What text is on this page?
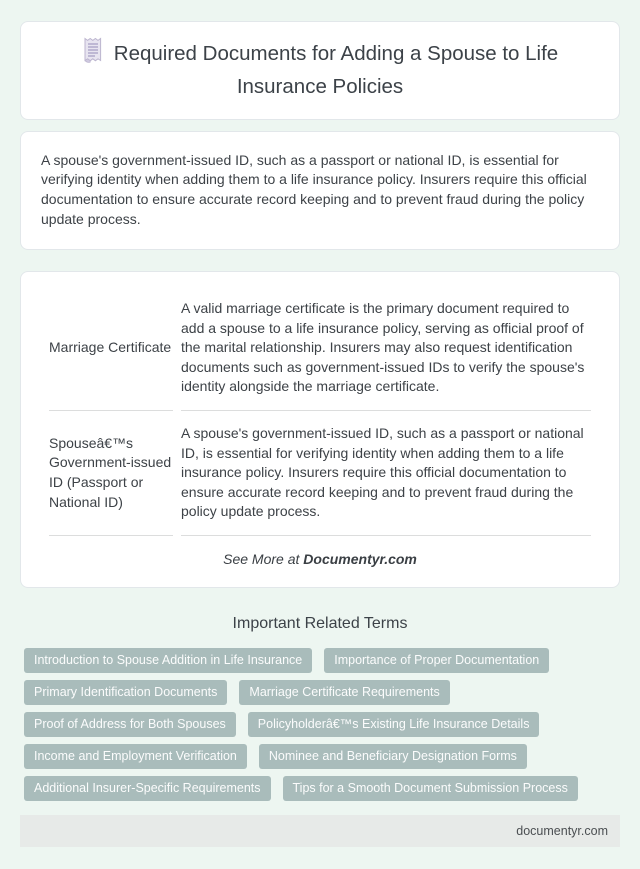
Required Documents for Adding a Spouse to Life Insurance Policies

A spouse's government-issued ID, such as a passport or national ID, is essential for verifying identity when adding them to a life insurance policy. Insurers require this official documentation to ensure accurate record keeping and to prevent fraud during the policy update process.

Marriage Certificate	A valid marriage certificate is the primary document required to add a spouse to a life insurance policy, serving as official proof of the marital relationship. Insurers may also request identification documents such as government-issued IDs to verify the spouse's identity alongside the marriage certificate.
Spouseâ€™s Government-issued ID (Passport or National ID)	A spouse's government-issued ID, such as a passport or national ID, is essential for verifying identity when adding them to a life insurance policy. Insurers require this official documentation to ensure accurate record keeping and to prevent fraud during the policy update process.

See More at Documentyr.com

Important Related Terms
Introduction to Spouse Addition in Life Insurance	Importance of Proper Documentation
Primary Identification Documents	Marriage Certificate Requirements
Proof of Address for Both Spouses	Policyholderâ€™s Existing Life Insurance Details
Income and Employment Verification	Nominee and Beneficiary Designation Forms
Additional Insurer-Specific Requirements	Tips for a Smooth Document Submission Process
documentyr.com
